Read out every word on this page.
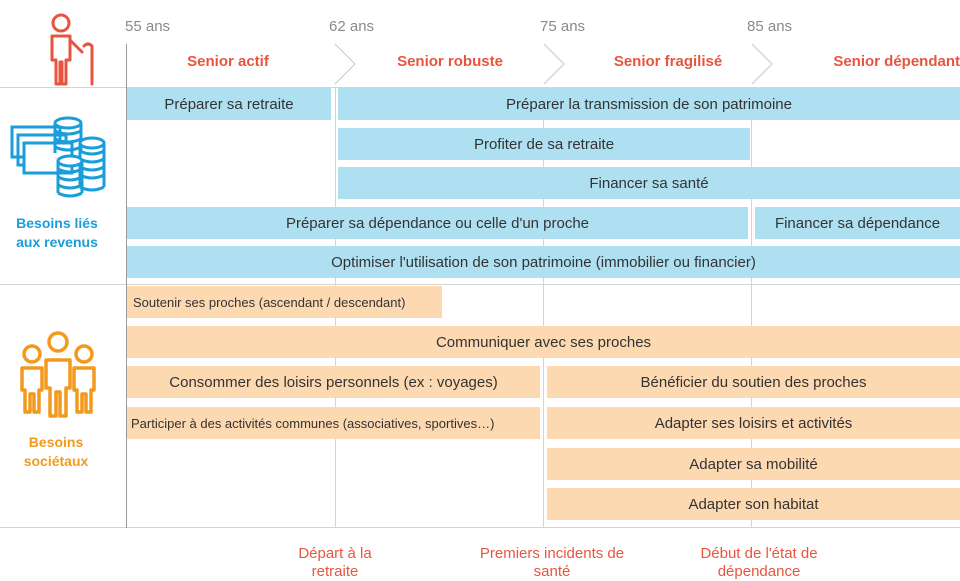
Besoins liés aux revenus
Besoins sociétaux
55 ans	62 ans	75 ans	85 ans
Senior actif	Senior robuste	Senior fragilisé	Senior dépendant
Préparer sa retraite	Préparer la transmission de son patrimoine
Profiter de sa retraite
Financer sa santé
Préparer sa dépendance ou celle d'un proche	Financer sa dépendance
Optimiser l'utilisation de son patrimoine (immobilier ou financier)
Soutenir ses proches (ascendant / descendant)
Communiquer avec ses proches
Consommer des loisirs personnels (ex : voyages)	Bénéficier du soutien des proches
Participer à des activités communes (associatives, sportives…)	Adapter ses loisirs et activités
Adapter sa mobilité
Adapter son habitat
Départ à la retraite
Premiers incidents de santé
Début de l'état de dépendance
